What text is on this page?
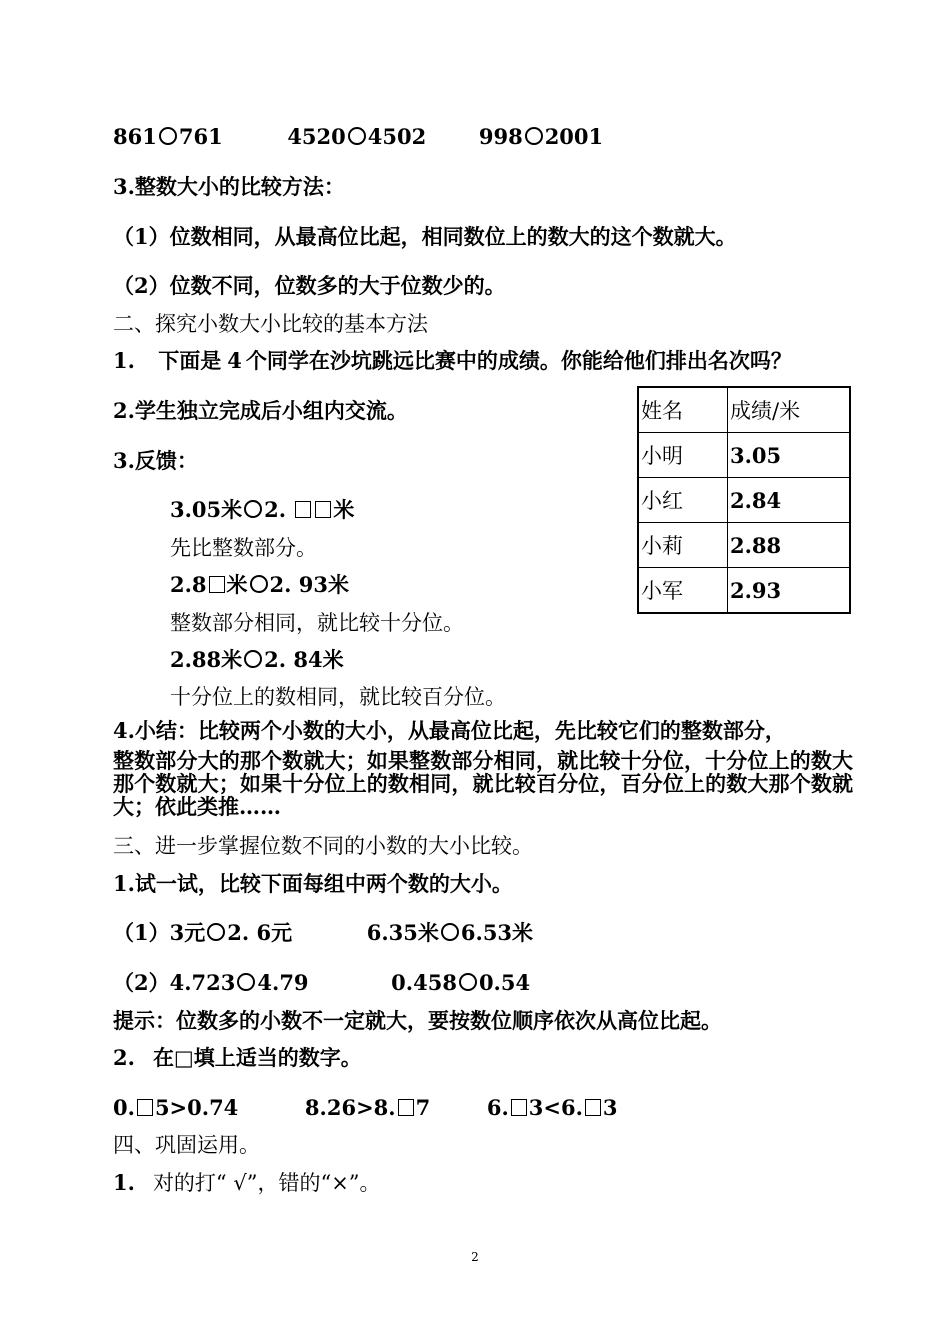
861 761	4520 4502	998 2001
3.整数大小的比较方法：
（1）位数相同，从最高位比起，相同数位上的数大的这个数就大。
（2）位数不同，位数多的大于位数少的。
二、探究小数大小比较的基本方法
1. 下面是 4 个同学在沙坑跳远比赛中的成绩。你能给他们排出名次吗？
2.学生独立完成后小组内交流。
3.反馈：
3.05米 2. 米
先比整数部分。
2.8 米 2. 93米
整数部分相同，就比较十分位。
2.88米 2. 84米
十分位上的数相同，就比较百分位。

4.小结：比较两个小数的大小，从最高位比起，先比较它们的整数部分，

整数部分大的那个数就大；如果整数部分相同，就比较十分位，十分位上的数大那个数就大；如果十分位上的数相同，就比较百分位，百分位上的数大那个数就大；依此类推……

三、进一步掌握位数不同的小数的大小比较。
1.试一试，比较下面每组中两个数的大小。
（1）3元 2. 6元	6.35米 6.53米
（2）4.723 4.79	0.458 0.54
提示：位数多的小数不一定就大，要按数位顺序依次从高位比起。
2. 在□填上适当的数字。
0. 5>0.74	8.26>8. 7	6. 3<6. 3
四、巩固运用。
1. 对的打“ √”，错的“×”。
姓名	成绩/米
小明	3.05
小红	2.84
小莉	2.88
小军	2.93
2
